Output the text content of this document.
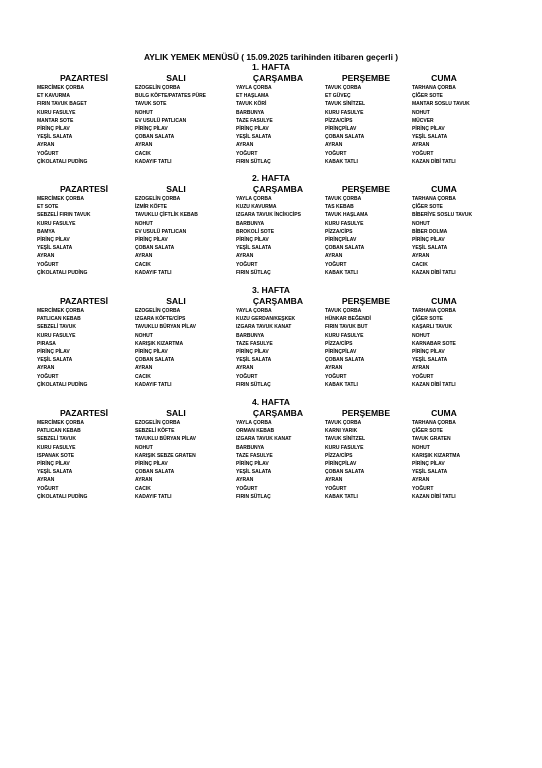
AYLIK YEMEK MENÜSÜ ( 15.09.2025 tarihinden itibaren geçerli )
1. HAFTA
PAZARTESİ	SALI	ÇARŞAMBA	PERŞEMBE	CUMA
MERCİMEK ÇORBA	EZOGELİN ÇORBA	YAYLA ÇORBA	TAVUK ÇORBA	TARHANA ÇORBA
ET KAVURMA	BULG KÖFTE/PATATES PÜRE	ET HAŞLAMA	ET GÜVEÇ	ÇİĞER SOTE
FIRIN TAVUK BAGET	TAVUK SOTE	TAVUK KÖRİ	TAVUK SİNİTZEL	MANTAR SOSLU TAVUK
KURU FASULYE	NOHUT	BARBUNYA	KURU FASULYE	NOHUT
MANTAR SOTE	EV USULÜ PATLICAN	TAZE FASULYE	PİZZA/CİPS	MÜCVER
PİRİNÇ PİLAV	PİRİNÇ PİLAV	PİRİNÇ PİLAV	PİRİNÇPİLAV	PİRİNÇ PİLAV
YEŞİL SALATA	ÇOBAN SALATA	YEŞİL SALATA	ÇOBAN SALATA	YEŞİL SALATA
AYRAN	AYRAN	AYRAN	AYRAN	AYRAN
YOĞURT	CACIK	YOĞURT	YOĞURT	YOĞURT
ÇİKOLATALI PUDİNG	KADAYIF TATLI	FIRIN SÜTLAÇ	KABAK TATLI	KAZAN DİBİ TATLI
2. HAFTA
PAZARTESİ	SALI	ÇARŞAMBA	PERŞEMBE	CUMA
MERCİMEK ÇORBA	EZOGELİN ÇORBA	YAYLA ÇORBA	TAVUK ÇORBA	TARHANA ÇORBA
ET SOTE	İZMİR KÖFTE	KUZU KAVURMA	TAS KEBAB	ÇİĞER SOTE
SEBZELİ FIRIN TAVUK	TAVUKLU ÇİFTLİK KEBAB	IZGARA TAVUK İNCİK/CİPS	TAVUK HAŞLAMA	BİBERİYE SOSLU TAVUK
KURU FASULYE	NOHUT	BARBUNYA	KURU FASULYE	NOHUT
BAMYA	EV USULÜ PATLICAN	BROKOLİ SOTE	PİZZA/CİPS	BİBER DOLMA
PİRİNÇ PİLAV	PİRİNÇ PİLAV	PİRİNÇ PİLAV	PİRİNÇPİLAV	PİRİNÇ PİLAV
YEŞİL SALATA	ÇOBAN SALATA	YEŞİL SALATA	ÇOBAN SALATA	YEŞİL SALATA
AYRAN	AYRAN	AYRAN	AYRAN	AYRAN
YOĞURT	CACIK	YOĞURT	YOĞURT	CACIK
ÇİKOLATALI PUDİNG	KADAYIF TATLI	FIRIN SÜTLAÇ	KABAK TATLI	KAZAN DİBİ TATLI
3. HAFTA
PAZARTESİ	SALI	ÇARŞAMBA	PERŞEMBE	CUMA
MERCİMEK ÇORBA	EZOGELİN ÇORBA	YAYLA ÇORBA	TAVUK ÇORBA	TARHANA ÇORBA
PATLICAN KEBAB	IZGARA KÖFTE/CİPS	KUZU GERDAN/KEŞKEK	HÜNKAR BEĞENDİ	ÇİĞER SOTE
SEBZELİ TAVUK	TAVUKLU BÜRYAN PİLAV	IZGARA TAVUK KANAT	FIRIN TAVUK BUT	KAŞARLI TAVUK
KURU FASULYE	NOHUT	BARBUNYA	KURU FASULYE	NOHUT
PIRASA	KARIŞIK KIZARTMA	TAZE FASULYE	PİZZA/CİPS	KARNABAR SOTE
PİRİNÇ PİLAV	PİRİNÇ PİLAV	PİRİNÇ PİLAV	PİRİNÇPİLAV	PİRİNÇ PİLAV
YEŞİL SALATA	ÇOBAN SALATA	YEŞİL SALATA	ÇOBAN SALATA	YEŞİL SALATA
AYRAN	AYRAN	AYRAN	AYRAN	AYRAN
YOĞURT	CACIK	YOĞURT	YOĞURT	YOĞURT
ÇİKOLATALI PUDİNG	KADAYIF TATLI	FIRIN SÜTLAÇ	KABAK TATLI	KAZAN DİBİ TATLI
4. HAFTA
PAZARTESİ	SALI	ÇARŞAMBA	PERŞEMBE	CUMA
MERCİMEK ÇORBA	EZOGELİN ÇORBA	YAYLA ÇORBA	TAVUK ÇORBA	TARHANA ÇORBA
PATLICAN KEBAB	SEBZELİ KÖFTE	ORMAN KEBAB	KARNI YARIK	ÇİĞER SOTE
SEBZELİ TAVUK	TAVUKLU BÜRYAN PİLAV	IZGARA TAVUK KANAT	TAVUK SİNİTZEL	TAVUK GRATEN
KURU FASULYE	NOHUT	BARBUNYA	KURU FASULYE	NOHUT
ISPANAK SOTE	KARIŞIK SEBZE GRATEN	TAZE FASULYE	PİZZA/CİPS	KARIŞIK KIZARTMA
PİRİNÇ PİLAV	PİRİNÇ PİLAV	PİRİNÇ PİLAV	PİRİNÇPİLAV	PİRİNÇ PİLAV
YEŞİL SALATA	ÇOBAN SALATA	YEŞİL SALATA	ÇOBAN SALATA	YEŞİL SALATA
AYRAN	AYRAN	AYRAN	AYRAN	AYRAN
YOĞURT	CACIK	YOĞURT	YOĞURT	YOĞURT
ÇİKOLATALI PUDİNG	KADAYIF TATLI	FIRIN SÜTLAÇ	KABAK TATLI	KAZAN DİBİ TATLI
